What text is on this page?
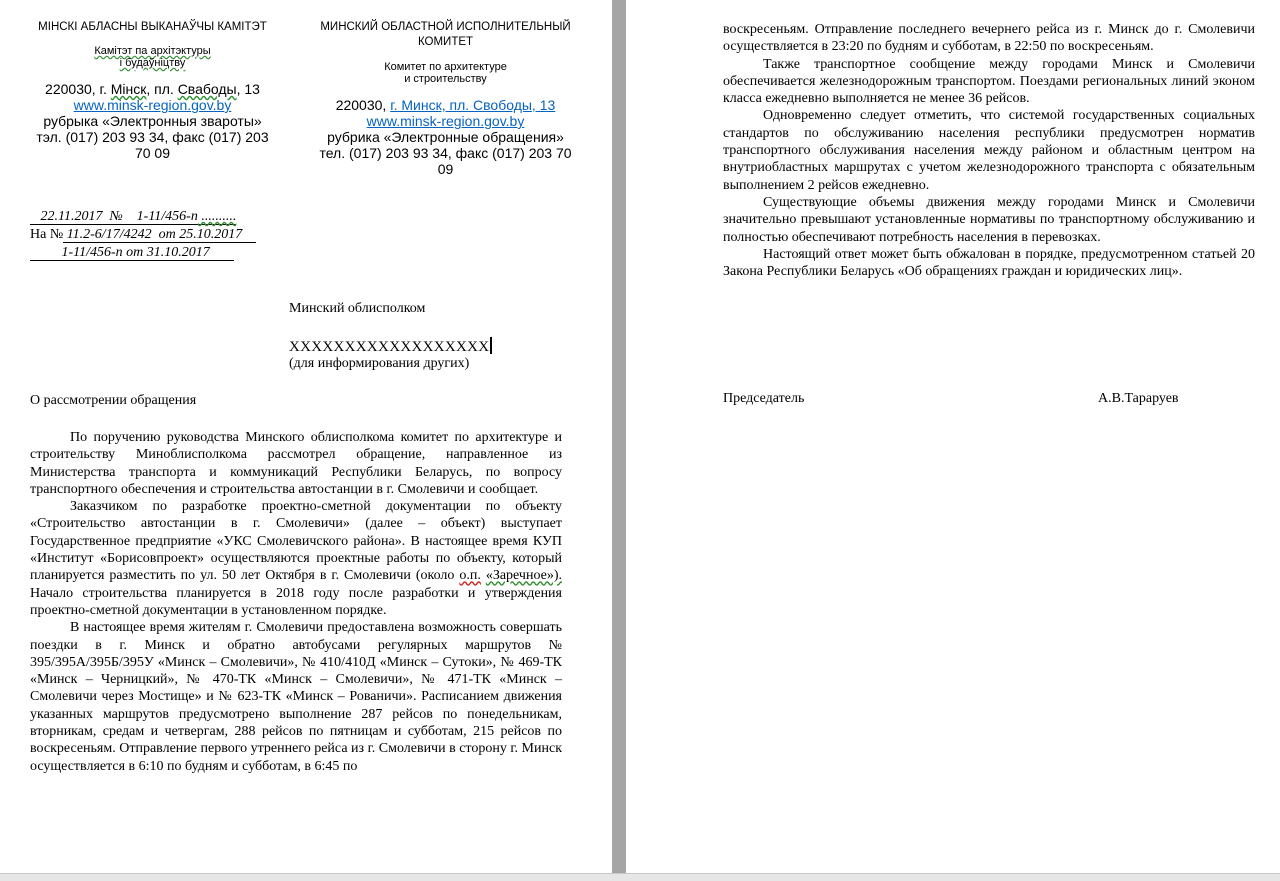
МІНСКІ АБЛАСНЫ ВЫКАНАЎЧЫ КАМІТЭТ
Камітэт па архітэктуры
і будаўніцтву
220030, г. Мінск, пл. Свабоды, 13
www.minsk-region.gov.by
рубрыка «Электронныя звароты»
тэл. (017) 203 93 34, факс (017) 203
70 09
МИНСКИЙ ОБЛАСТНОЙ ИСПОЛНИТЕЛЬНЫЙ
КОМИТЕТ
Комитет по архитектуре
и строительству
220030, г. Минск, пл. Свободы, 13
www.minsk-region.gov.by
рубрика «Электронные обращения»
тел. (017) 203 93 34, факс (017) 203 70
09
22.11.2017 № 1-11/456-п ..........
На № 11.2-6/17/4242  от 25.10.2017
1-11/456-п от 31.10.2017
Минский облисполком
XXXXXXXXXXXXXXXXXX
(для информирования других)
О рассмотрении обращения

По поручению руководства Минского облисполкома комитет по архитектуре и строительству Миноблисполкома рассмотрел обращение, направленное из Министерства транспорта и коммуникаций Республики Беларусь, по вопросу транспортного обеспечения и строительства автостанции в г. Смолевичи и сообщает.

Заказчиком по разработке проектно-сметной документации по объекту «Строительство автостанции в г. Смолевичи» (далее – объект) выступает Государственное предприятие «УКС Смолевичского района». В настоящее время КУП «Институт «Борисовпроект» осуществляются проектные работы по объекту, который планируется разместить по ул. 50 лет Октября в г. Смолевичи (около о.п. «Заречное»). Начало строительства планируется в 2018 году после разработки и утверждения проектно-сметной документации в установленном порядке.

В настоящее время жителям г. Смолевичи предоставлена возможность совершать поездки в г. Минск и обратно автобусами регулярных маршрутов № 395/395А/395Б/395У «Минск – Смолевичи», № 410/410Д «Минск – Сутоки», № 469-ТК «Минск – Черницкий», № 470-ТК «Минск – Смолевичи», № 471-ТК «Минск – Смолевичи через Мостище» и № 623-ТК «Минск – Рованичи». Расписанием движения указанных маршрутов предусмотрено выполнение 287 рейсов по понедельникам, вторникам, средам и четвергам, 288 рейсов по пятницам и субботам, 215 рейсов по воскресеньям. Отправление первого утреннего рейса из г. Смолевичи в сторону г. Минск осуществляется в 6:10 по будням и субботам, в 6:45 по

воскресеньям. Отправление последнего вечернего рейса из г. Минск до г. Смолевичи осуществляется в 23:20 по будням и субботам, в 22:50 по воскресеньям.

Также транспортное сообщение между городами Минск и Смолевичи обеспечивается железнодорожным транспортом. Поездами региональных линий эконом класса ежедневно выполняется не менее 36 рейсов.

Одновременно следует отметить, что системой государственных социальных стандартов по обслуживанию населения республики предусмотрен норматив транспортного обслуживания населения между районом и областным центром на внутриобластных маршрутах с учетом железнодорожного транспорта с обязательным выполнением 2 рейсов ежедневно.

Существующие объемы движения между городами Минск и Смолевичи значительно превышают установленные нормативы по транспортному обслуживанию и полностью обеспечивают потребность населения в перевозках.

Настоящий ответ может быть обжалован в порядке, предусмотренном статьей 20 Закона Республики Беларусь «Об обращениях граждан и юридических лиц».

Председатель	А.В.Тараруев
